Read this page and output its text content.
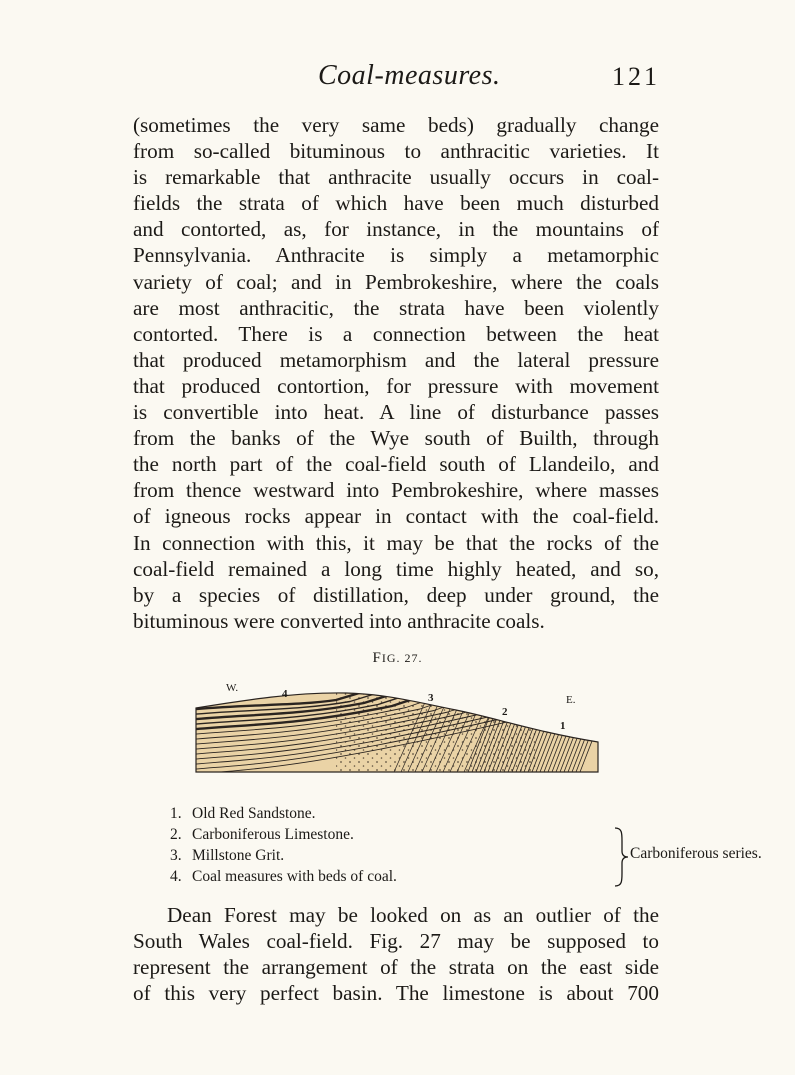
Coal-measures.	121
(sometimes the very same beds) gradually change
from so-called bituminous to anthracitic varieties. It
is remarkable that anthracite usually occurs in coal-
fields the strata of which have been much disturbed
and contorted, as, for instance, in the mountains of
Pennsylvania. Anthracite is simply a metamorphic
variety of coal; and in Pembrokeshire, where the coals
are most anthracitic, the strata have been violently
contorted. There is a connection between the heat
that produced metamorphism and the lateral pressure
that produced contortion, for pressure with movement
is convertible into heat. A line of disturbance passes
from the banks of the Wye south of Builth, through
the north part of the coal-field south of Llandeilo, and
from thence westward into Pembrokeshire, where masses
of igneous rocks appear in contact with the coal-field.
In connection with this, it may be that the rocks of the
coal-field remained a long time highly heated, and so,
by a species of distillation, deep under ground, the
bituminous were converted into anthracite coals.
FIG. 27.
W.	4	3
2
E.
1
1. Old Red Sandstone.
2. Carboniferous Limestone.
3. Millstone Grit.
4. Coal measures with beds of coal.
Carboniferous series.
Dean Forest may be looked on as an outlier of the
South Wales coal-field. Fig. 27 may be supposed to
represent the arrangement of the strata on the east side
of this very perfect basin. The limestone is about 700
